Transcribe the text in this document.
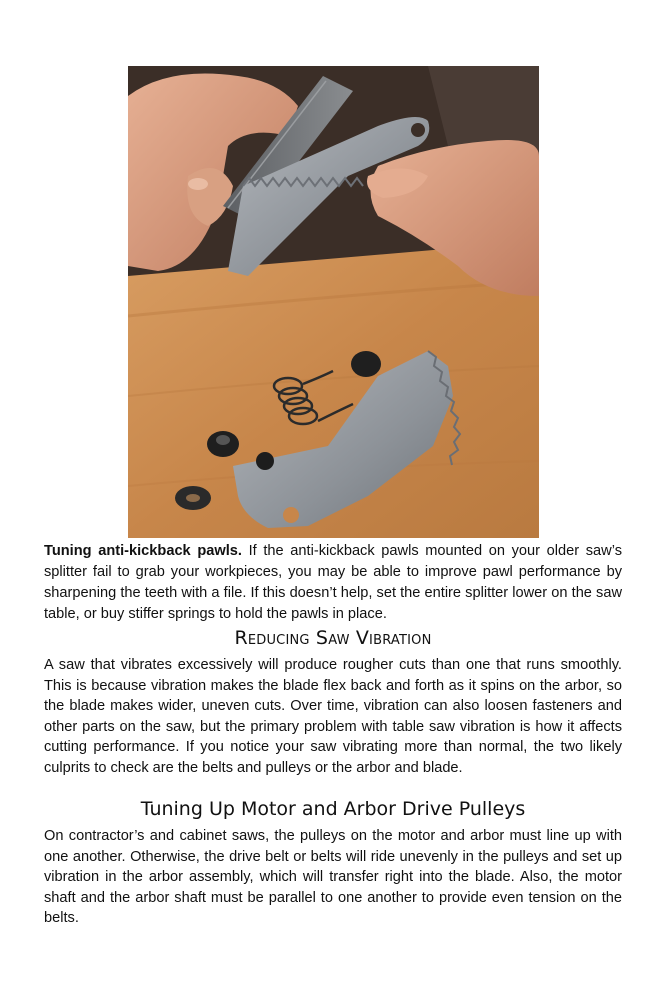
Tuning anti-kickback pawls. If the anti-kickback pawls mounted on your older saw’s splitter fail to grab your workpieces, you may be able to improve pawl performance by sharpening the teeth with a file. If this doesn’t help, set the entire splitter lower on the saw table, or buy stiffer springs to hold the pawls in place.
Reducing Saw Vibration
A saw that vibrates excessively will produce rougher cuts than one that runs smoothly. This is because vibration makes the blade flex back and forth as it spins on the arbor, so the blade makes wider, uneven cuts. Over time, vibration can also loosen fasteners and other parts on the saw, but the primary problem with table saw vibration is how it affects cutting performance. If you notice your saw vibrating more than normal, the two likely culprits to check are the belts and pulleys or the arbor and blade.
Tuning Up Motor and Arbor Drive Pulleys
On contractor’s and cabinet saws, the pulleys on the motor and arbor must line up with one another. Otherwise, the drive belt or belts will ride unevenly in the pulleys and set up vibration in the arbor assembly, which will transfer right into the blade. Also, the motor shaft and the arbor shaft must be parallel to one another to provide even tension on the belts.
